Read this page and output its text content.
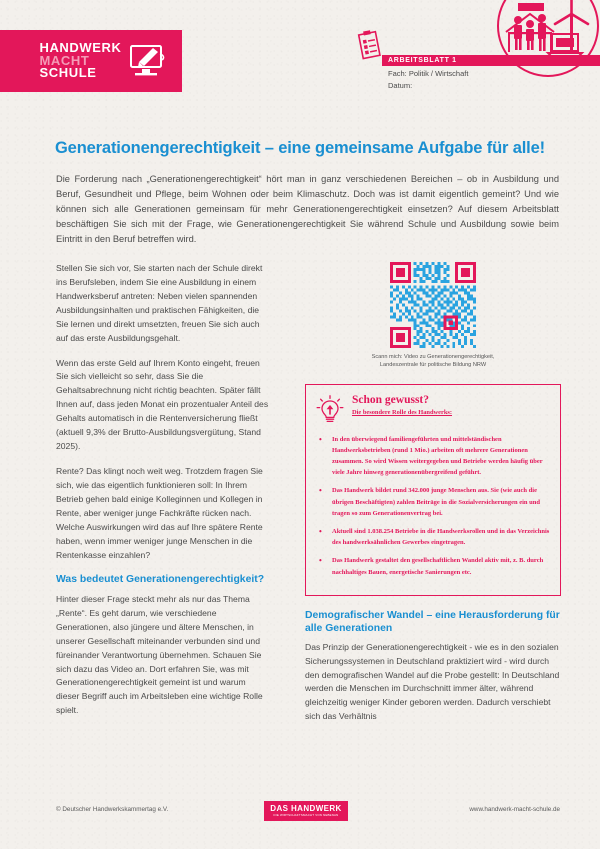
HANDWERK
MACHT
SCHULE
ARBEITSBLATT 1
Fach: Politik / Wirtschaft
Datum:
Generationengerechtigkeit – eine gemeinsame Aufgabe für alle!

Die Forderung nach „Generationengerechtigkeit“ hört man in ganz verschiedenen Bereichen – ob in Ausbildung und Beruf, Gesundheit und Pflege, beim Wohnen oder beim Klimaschutz. Doch was ist damit eigentlich gemeint? Und wie können sich alle Generationen gemeinsam für mehr Generationengerechtigkeit einsetzen? Auf diesem Arbeitsblatt beschäftigen Sie sich mit der Frage, wie Generationengerechtigkeit Sie während Schule und Ausbildung sowie beim Eintritt in den Beruf betreffen wird.

Stellen Sie sich vor, Sie starten nach der Schule direkt ins Berufsleben, indem Sie eine Ausbildung in einem Handwerksberuf antreten: Neben vielen spannenden Ausbildungsinhalten und praktischen Fähigkeiten, die Sie lernen und direkt umsetzten, freuen Sie sich auch auf das erste Ausbildungsgehalt.

Wenn das erste Geld auf Ihrem Konto eingeht, freuen Sie sich vielleicht so sehr, dass Sie die Gehaltsabrechnung nicht richtig beachten. Später fällt Ihnen auf, dass jeden Monat ein prozentualer Anteil des Gehalts automatisch in die Rentenversicherung fließt (aktuell 9,3% der Brutto-Ausbildungsvergütung, Stand 2025).

Rente? Das klingt noch weit weg. Trotzdem fragen Sie sich, wie das eigentlich funktionieren soll: In Ihrem Betrieb gehen bald einige Kolleginnen und Kollegen in Rente, aber weniger junge Fachkräfte rücken nach. Welche Auswirkungen wird das auf Ihre spätere Rente haben, wenn immer weniger junge Menschen in die Rentenkasse einzahlen?

Was bedeutet Generationengerechtigkeit?

Hinter dieser Frage steckt mehr als nur das Thema „Rente“. Es geht darum, wie verschiedene Generationen, also jüngere und ältere Menschen, in unserer Gesellschaft miteinander verbunden sind und füreinander Verantwortung übernehmen. Schauen Sie sich dazu das Video an. Dort erfahren Sie, was mit Generationengerechtigkeit gemeint ist und warum dieser Begriff auch im Arbeitsleben eine wichtige Rolle spielt.

Scann mich: Video zu Generationengerechtigkeit,
Landeszentrale für politische Bildung NRW
Schon gewusst?
Die besondere Rolle des Handwerks:
• In den überwiegend familiengeführten und mittelständischen Handwerksbetrieben (rund 1 Mio.) arbeiten oft mehrere Generationen zusammen. So wird Wissen weitergegeben und Betriebe werden häufig über viele Jahre hinweg generationenübergreifend geführt.
• Das Handwerk bildet rund 342.000 junge Menschen aus. Sie (wie auch die übrigen Beschäftigten) zahlen Beiträge in die Sozialversicherungen ein und tragen so zum Generationenvertrag bei.
• Aktuell sind 1.038.254 Betriebe in die Handwerksrollen und in das Verzeichnis des handwerksähnlichen Gewerbes eingetragen.
• Das Handwerk gestaltet den gesellschaftlichen Wandel aktiv mit, z. B. durch nachhaltiges Bauen, energetische Sanierungen etc.
Demografischer Wandel – eine Herausforderung für alle Generationen

Das Prinzip der Generationengerechtigkeit - wie es in den sozialen Sicherungssystemen in Deutschland praktiziert wird - wird durch den demografischen Wandel auf die Probe gestellt: In Deutschland werden die Menschen im Durchschnitt immer älter, während gleichzeitig weniger Kinder geboren werden. Dadurch verschiebt sich das Verhältnis

© Deutscher Handwerkskammertag e.V.	DAS HANDWERK
DIE WIRTSCHAFTSMACHT VON NEBENAN
www.handwerk-macht-schule.de
